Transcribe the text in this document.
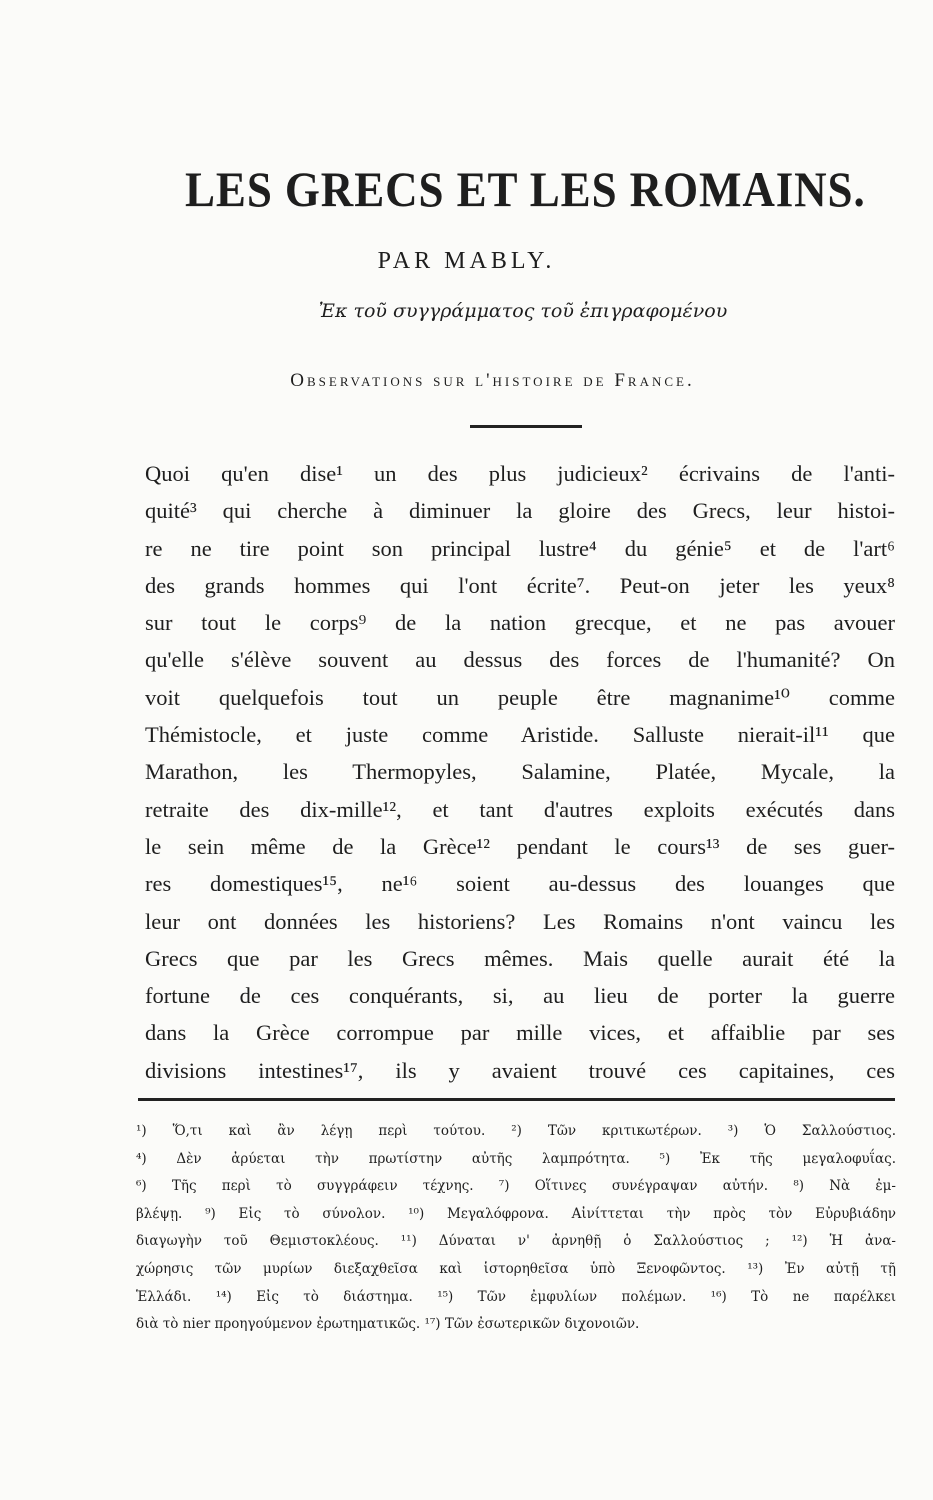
LES GRECS ET LES ROMAINS.
PAR MABLY.
Ἐκ τοῦ συγγράμματος τοῦ ἐπιγραφομένου
Observations sur l'histoire de France.
Quoi qu'en dise¹ un des plus judicieux² écrivains de l'anti-
quité³ qui cherche à diminuer la gloire des Grecs, leur histoi-
re ne tire point son principal lustre⁴ du génie⁵ et de l'art⁶
des grands hommes qui l'ont écrite⁷. Peut-on jeter les yeux⁸
sur tout le corps⁹ de la nation grecque, et ne pas avouer
qu'elle s'élève souvent au dessus des forces de l'humanité? On
voit quelquefois tout un peuple être magnanime¹⁰ comme
Thémistocle, et juste comme Aristide. Salluste nierait-il¹¹ que
Marathon, les Thermopyles, Salamine, Platée, Mycale, la
retraite des dix-mille¹², et tant d'autres exploits exécutés dans
le sein même de la Grèce¹² pendant le cours¹³ de ses guer-
res domestiques¹⁵, ne¹⁶ soient au-dessus des louanges que
leur ont données les historiens? Les Romains n'ont vaincu les
Grecs que par les Grecs mêmes. Mais quelle aurait été la
fortune de ces conquérants, si, au lieu de porter la guerre
dans la Grèce corrompue par mille vices, et affaiblie par ses
divisions intestines¹⁷, ils y avaient trouvé ces capitaines, ces
¹) Ὅ,τι καὶ ἂν λέγῃ περὶ τούτου. ²) Τῶν κριτικωτέρων. ³) Ὁ Σαλλούστιος.
⁴) Δὲν ἀρύεται τὴν πρωτίστην αὐτῆς λαμπρότητα. ⁵) Ἐκ τῆς μεγαλοφυΐας.
⁶) Τῆς περὶ τὸ συγγράφειν τέχνης. ⁷) Οἵτινες συνέγραψαν αὐτήν. ⁸) Νὰ ἐμ-
βλέψῃ. ⁹) Εἰς τὸ σύνολον. ¹⁰) Μεγαλόφρονα. Αἰνίττεται τὴν πρὸς τὸν Εὐρυβιάδην
διαγωγὴν τοῦ Θεμιστοκλέους. ¹¹) Δύναται ν' ἀρνηθῇ ὁ Σαλλούστιος ; ¹²) Ἡ ἀνα-
χώρησις τῶν μυρίων διεξαχθεῖσα καὶ ἱστορηθεῖσα ὑπὸ Ξενοφῶντος. ¹³) Ἐν αὐτῇ τῇ
Ἑλλάδι. ¹⁴) Εἰς τὸ διάστημα. ¹⁵) Τῶν ἐμφυλίων πολέμων. ¹⁶) Τὸ ne παρέλκει
διὰ τὸ nier προηγούμενον ἐρωτηματικῶς. ¹⁷) Τῶν ἐσωτερικῶν διχονοιῶν.
